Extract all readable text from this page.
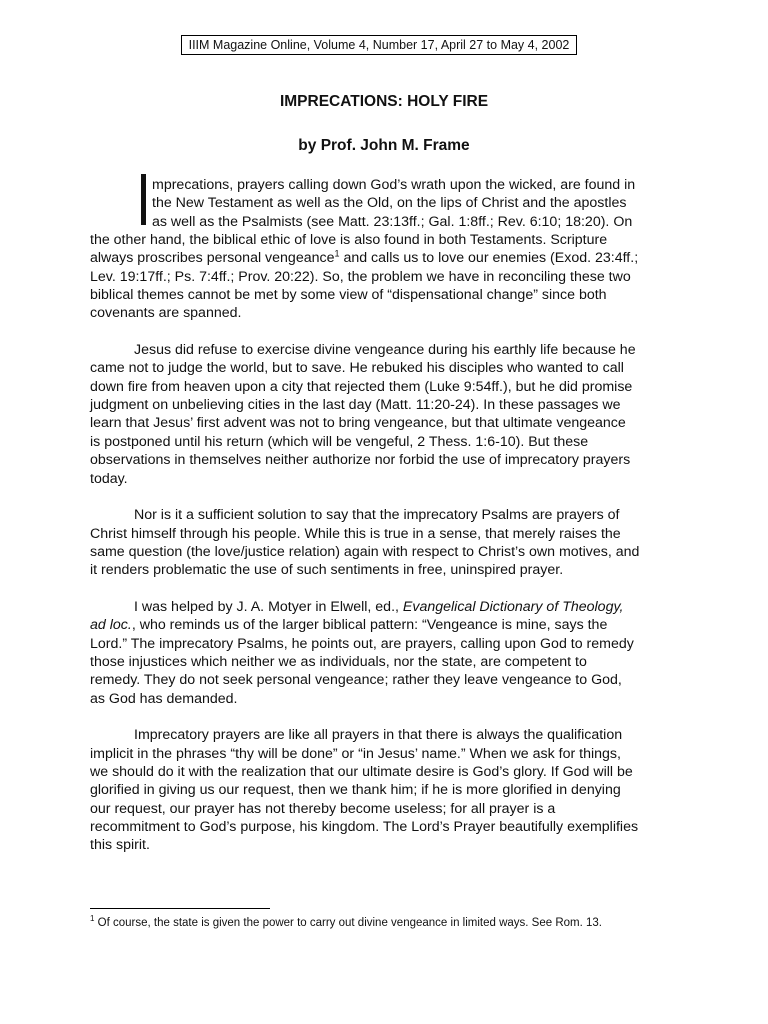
IIIM Magazine Online, Volume 4, Number 17, April 27 to May 4, 2002
IMPRECATIONS: HOLY FIRE
by Prof. John M. Frame

mprecations, prayers calling down God’s wrath upon the wicked, are found in
the New Testament as well as the Old, on the lips of Christ and the apostles
as well as the Psalmists (see Matt. 23:13ff.; Gal. 1:8ff.; Rev. 6:10; 18:20). On
the other hand, the biblical ethic of love is also found in both Testaments. Scripture
always proscribes personal vengeance$^1$ and calls us to love our enemies (Exod. 23:4ff.;
Lev. 19:17ff.; Ps. 7:4ff.; Prov. 20:22). So, the problem we have in reconciling these two
biblical themes cannot be met by some view of “dispensational change” since both
covenants are spanned.

Jesus did refuse to exercise divine vengeance during his earthly life because he
came not to judge the world, but to save. He rebuked his disciples who wanted to call
down fire from heaven upon a city that rejected them (Luke 9:54ff.), but he did promise
judgment on unbelieving cities in the last day (Matt. 11:20-24). In these passages we
learn that Jesus’ first advent was not to bring vengeance, but that ultimate vengeance
is postponed until his return (which will be vengeful, 2 Thess. 1:6-10). But these
observations in themselves neither authorize nor forbid the use of imprecatory prayers
today.

Nor is it a sufficient solution to say that the imprecatory Psalms are prayers of
Christ himself through his people. While this is true in a sense, that merely raises the
same question (the love/justice relation) again with respect to Christ’s own motives, and
it renders problematic the use of such sentiments in free, uninspired prayer.

I was helped by J. A. Motyer in Elwell, ed., Evangelical Dictionary of Theology,
ad loc., who reminds us of the larger biblical pattern: “Vengeance is mine, says the
Lord.” The imprecatory Psalms, he points out, are prayers, calling upon God to remedy
those injustices which neither we as individuals, nor the state, are competent to
remedy. They do not seek personal vengeance; rather they leave vengeance to God,
as God has demanded.

Imprecatory prayers are like all prayers in that there is always the qualification
implicit in the phrases “thy will be done” or “in Jesus’ name.” When we ask for things,
we should do it with the realization that our ultimate desire is God’s glory. If God will be
glorified in giving us our request, then we thank him; if he is more glorified in denying
our request, our prayer has not thereby become useless; for all prayer is a
recommitment to God’s purpose, his kingdom. The Lord’s Prayer beautifully exemplifies
this spirit.

$^1$ Of course, the state is given the power to carry out divine vengeance in limited ways. See Rom. 13.
